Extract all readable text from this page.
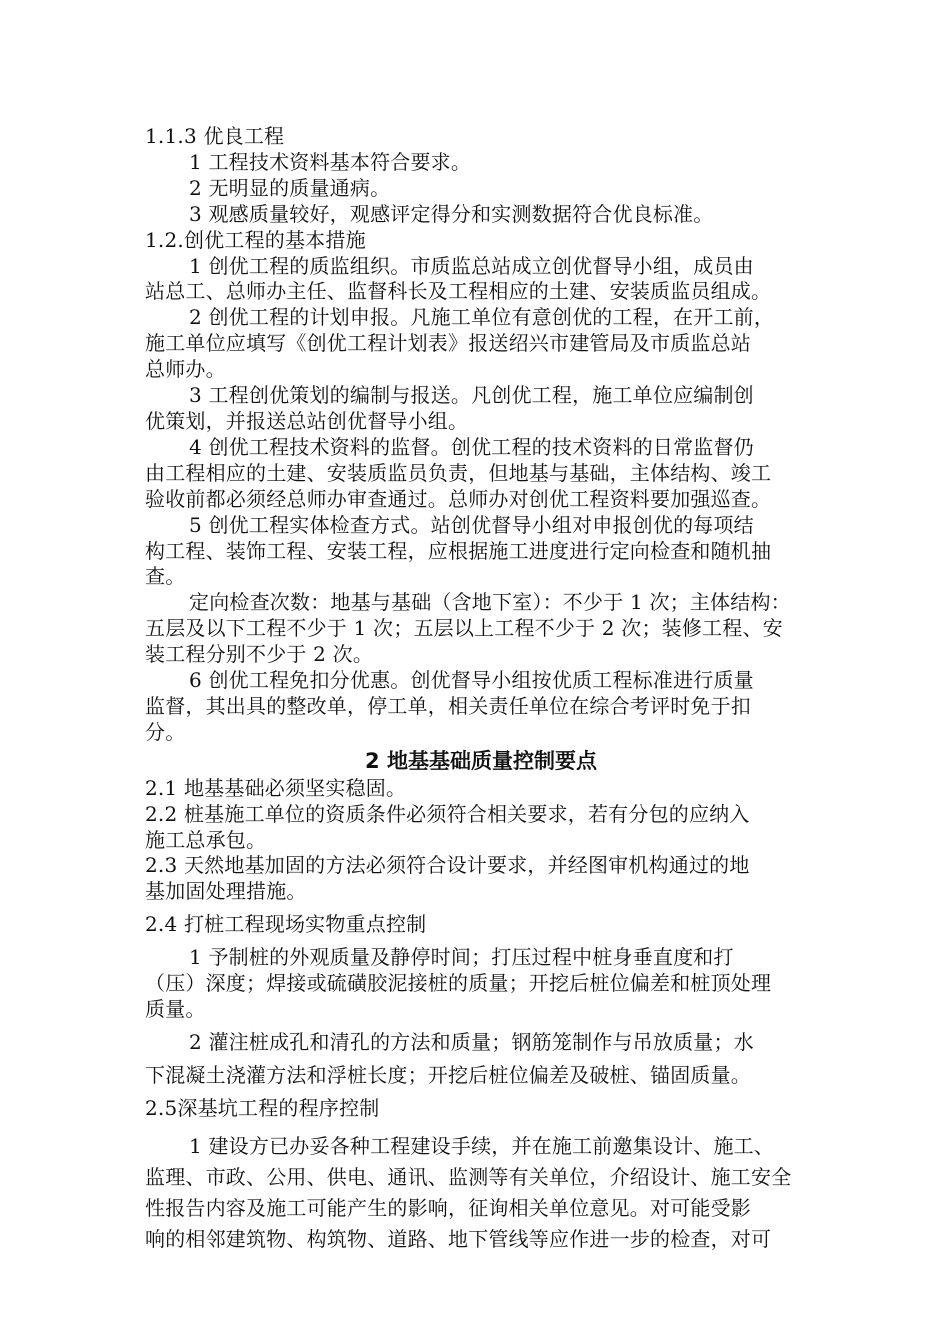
1.1.3 优良工程
1 工程技术资料基本符合要求。
2 无明显的质量通病。
3 观感质量较好，观感评定得分和实测数据符合优良标准。
1.2.创优工程的基本措施
1 创优工程的质监组织。市质监总站成立创优督导小组，成员由
站总工、总师办主任、监督科长及工程相应的土建、安装质监员组成。
2 创优工程的计划申报。凡施工单位有意创优的工程，在开工前，
施工单位应填写《创优工程计划表》报送绍兴市建管局及市质监总站
总师办。
3 工程创优策划的编制与报送。凡创优工程，施工单位应编制创
优策划，并报送总站创优督导小组。
4 创优工程技术资料的监督。创优工程的技术资料的日常监督仍
由工程相应的土建、安装质监员负责，但地基与基础，主体结构、竣工
验收前都必须经总师办审查通过。总师办对创优工程资料要加强巡查。
5 创优工程实体检查方式。站创优督导小组对申报创优的每项结
构工程、装饰工程、安装工程，应根据施工进度进行定向检查和随机抽
查。
定向检查次数：地基与基础（含地下室）：不少于 1 次；主体结构：
五层及以下工程不少于 1 次；五层以上工程不少于 2 次；装修工程、安
装工程分别不少于 2 次。
6 创优工程免扣分优惠。创优督导小组按优质工程标准进行质量
监督，其出具的整改单，停工单，相关责任单位在综合考评时免于扣
分。
2 地基基础质量控制要点
2.1 地基基础必须坚实稳固。
2.2 桩基施工单位的资质条件必须符合相关要求，若有分包的应纳入
施工总承包。
2.3 天然地基加固的方法必须符合设计要求，并经图审机构通过的地
基加固处理措施。
2.4 打桩工程现场实物重点控制
1 予制桩的外观质量及静停时间；打压过程中桩身垂直度和打
（压）深度；焊接或硫磺胶泥接桩的质量；开挖后桩位偏差和桩顶处理
质量。
2 灌注桩成孔和清孔的方法和质量；钢筋笼制作与吊放质量；水
下混凝土浇灌方法和浮桩长度；开挖后桩位偏差及破桩、锚固质量。
2.5深基坑工程的程序控制
1 建设方已办妥各种工程建设手续，并在施工前邀集设计、施工、
监理、市政、公用、供电、通讯、监测等有关单位，介绍设计、施工安全
性报告内容及施工可能产生的影响，征询相关单位意见。对可能受影
响的相邻建筑物、构筑物、道路、地下管线等应作进一步的检查，对可
